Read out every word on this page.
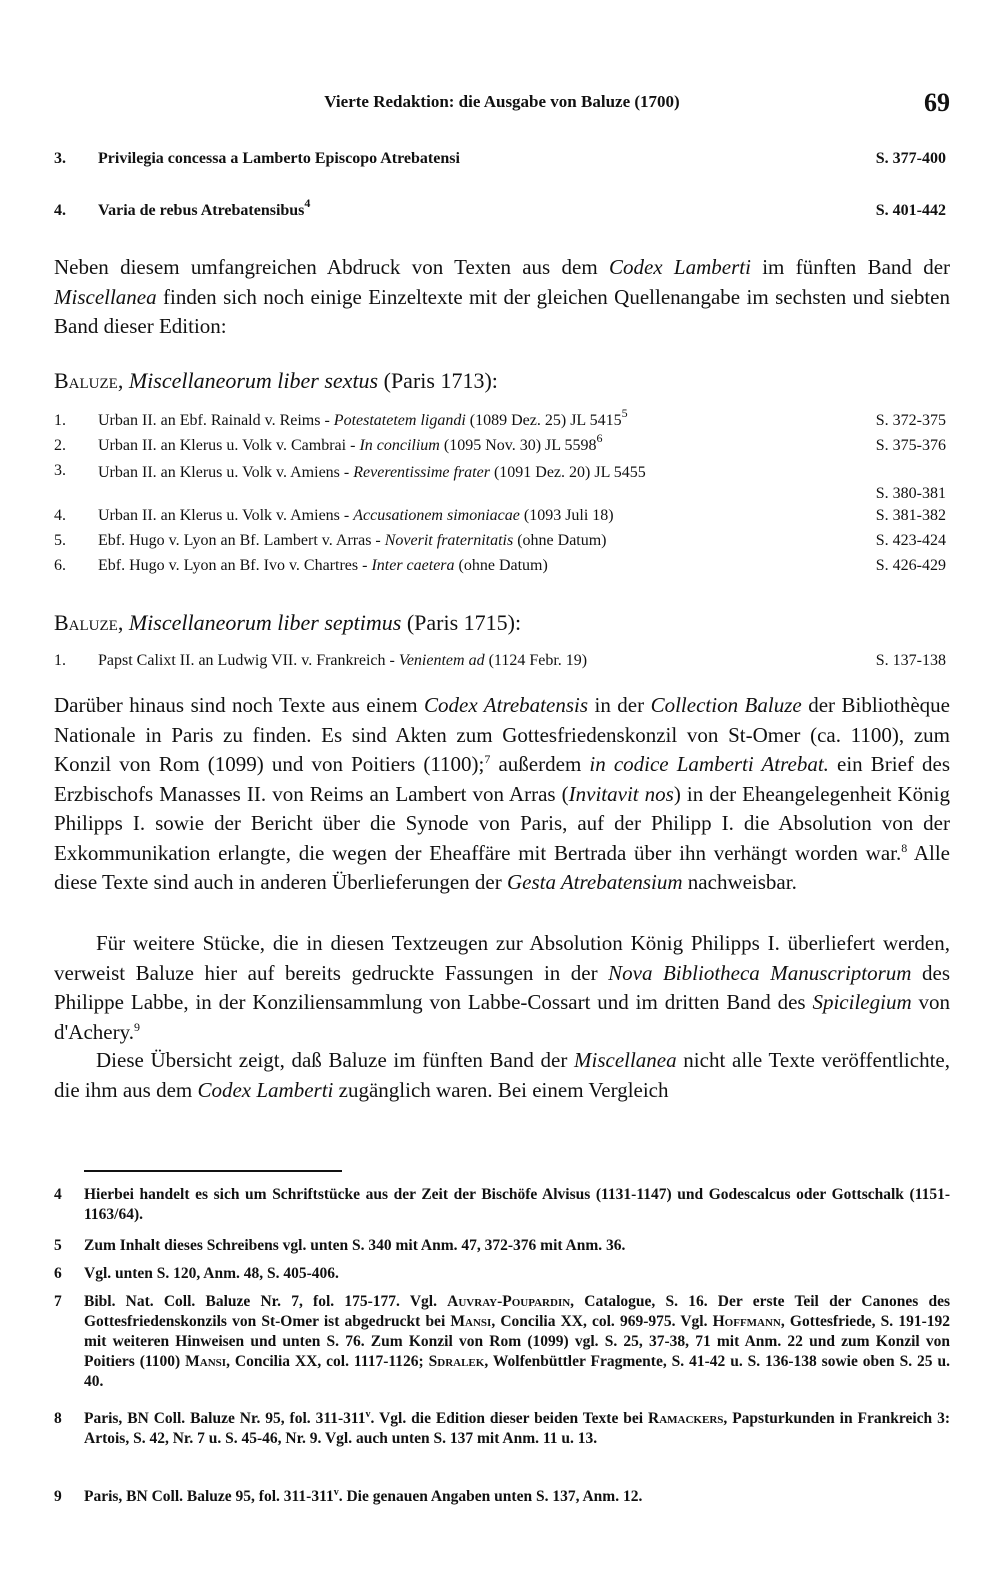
Vierte Redaktion: die Ausgabe von Baluze (1700)	69
3. Privilegia concessa a Lamberto Episcopo Atrebatensi	S. 377-400
4. Varia de rebus Atrebatensibus$^4$	S. 401-442

Neben diesem umfangreichen Abdruck von Texten aus dem Codex Lamberti im fünften Band der Miscellanea finden sich noch einige Einzeltexte mit der gleichen Quellenangabe im sechsten und siebten Band dieser Edition:

Baluze, Miscellaneorum liber sextus (Paris 1713):
1. Urban II. an Ebf. Rainald v. Reims - Potestatetem ligandi (1089 Dez. 25) JL 5415$^5$	S. 372-375
2. Urban II. an Klerus u. Volk v. Cambrai - In concilium (1095 Nov. 30) JL 5598$^6$	S. 375-376
3. Urban II. an Klerus u. Volk v. Amiens - Reverentissime frater (1091 Dez. 20) JL 5455
S. 380-381
4. Urban II. an Klerus u. Volk v. Amiens - Accusationem simoniacae (1093 Juli 18)	S. 381-382
5. Ebf. Hugo v. Lyon an Bf. Lambert v. Arras - Noverit fraternitatis (ohne Datum)	S. 423-424
6. Ebf. Hugo v. Lyon an Bf. Ivo v. Chartres - Inter caetera (ohne Datum)	S. 426-429
Baluze, Miscellaneorum liber septimus (Paris 1715):
1. Papst Calixt II. an Ludwig VII. v. Frankreich - Venientem ad (1124 Febr. 19)	S. 137-138

Darüber hinaus sind noch Texte aus einem Codex Atrebatensis in der Collection Baluze der Bibliothèque Nationale in Paris zu finden. Es sind Akten zum Gottesfriedenskonzil von St-Omer (ca. 1100), zum Konzil von Rom (1099) und von Poitiers (1100);$^7$ außerdem in codice Lamberti Atrebat. ein Brief des Erzbischofs Manasses II. von Reims an Lambert von Arras (Invitavit nos) in der Eheangelegenheit König Philipps I. sowie der Bericht über die Synode von Paris, auf der Philipp I. die Absolution von der Exkommunikation erlangte, die wegen der Eheaffäre mit Bertrada über ihn verhängt worden war.$^8$ Alle diese Texte sind auch in anderen Überlieferungen der Gesta Atrebatensium nachweisbar.

Für weitere Stücke, die in diesen Textzeugen zur Absolution König Philipps I. überliefert werden, verweist Baluze hier auf bereits gedruckte Fassungen in der Nova Bibliotheca Manuscriptorum des Philippe Labbe, in der Konziliensammlung von Labbe-Cossart und im dritten Band des Spicilegium von d'Achery.$^9$

Diese Übersicht zeigt, daß Baluze im fünften Band der Miscellanea nicht alle Texte veröffentlichte, die ihm aus dem Codex Lamberti zugänglich waren. Bei einem Vergleich

4 Hierbei handelt es sich um Schriftstücke aus der Zeit der Bischöfe Alvisus (1131-1147) und Godescalcus oder Gottschalk (1151-1163/64).
5 Zum Inhalt dieses Schreibens vgl. unten S. 340 mit Anm. 47, 372-376 mit Anm. 36.
6 Vgl. unten S. 120, Anm. 48, S. 405-406.
7 Bibl. Nat. Coll. Baluze Nr. 7, fol. 175-177. Vgl. Auvray-Poupardin, Catalogue, S. 16. Der erste Teil der Canones des Gottesfriedenskonzils von St-Omer ist abgedruckt bei Mansi, Concilia XX, col. 969-975. Vgl. Hoffmann, Gottesfriede, S. 191-192 mit weiteren Hinweisen und unten S. 76. Zum Konzil von Rom (1099) vgl. S. 25, 37-38, 71 mit Anm. 22 und zum Konzil von Poitiers (1100) Mansi, Concilia XX, col. 1117-1126; Sdralek, Wolfenbüttler Fragmente, S. 41-42 u. S. 136-138 sowie oben S. 25 u. 40.
8 Paris, BN Coll. Baluze Nr. 95, fol. 311-311$^v$. Vgl. die Edition dieser beiden Texte bei Ramackers, Papsturkunden in Frankreich 3: Artois, S. 42, Nr. 7 u. S. 45-46, Nr. 9. Vgl. auch unten S. 137 mit Anm. 11 u. 13.
9 Paris, BN Coll. Baluze 95, fol. 311-311$^v$. Die genauen Angaben unten S. 137, Anm. 12.
